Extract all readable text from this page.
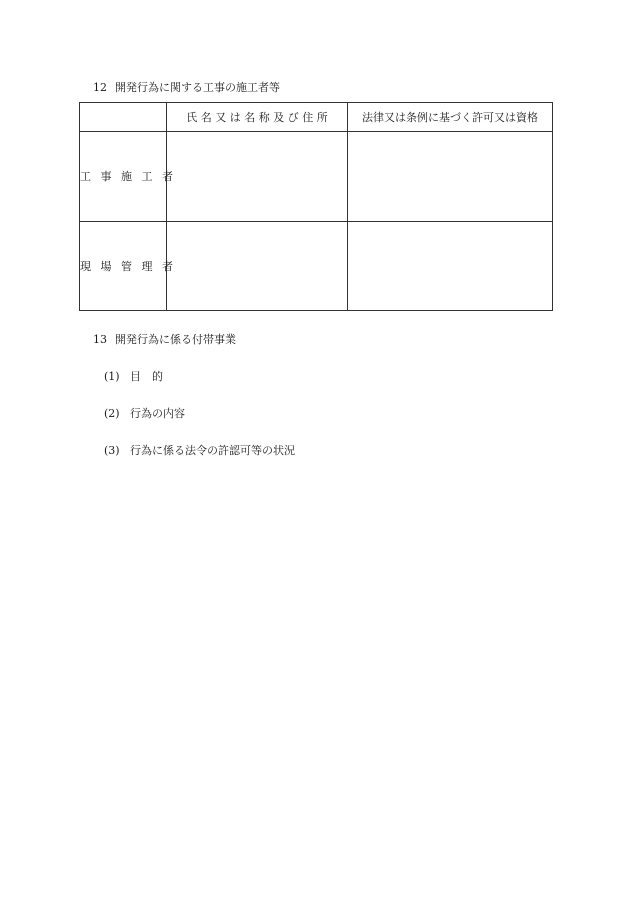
12 開発行為に関する工事の施工者等
	氏 名 又 は 名 称 及 び 住 所	法律又は条例に基づく許可又は資格
工 事 施 工 者		
現 場 管 理 者		
13 開発行為に係る付帯事業
(1) 目　的
(2) 行為の内容
(3) 行為に係る法令の許認可等の状況
